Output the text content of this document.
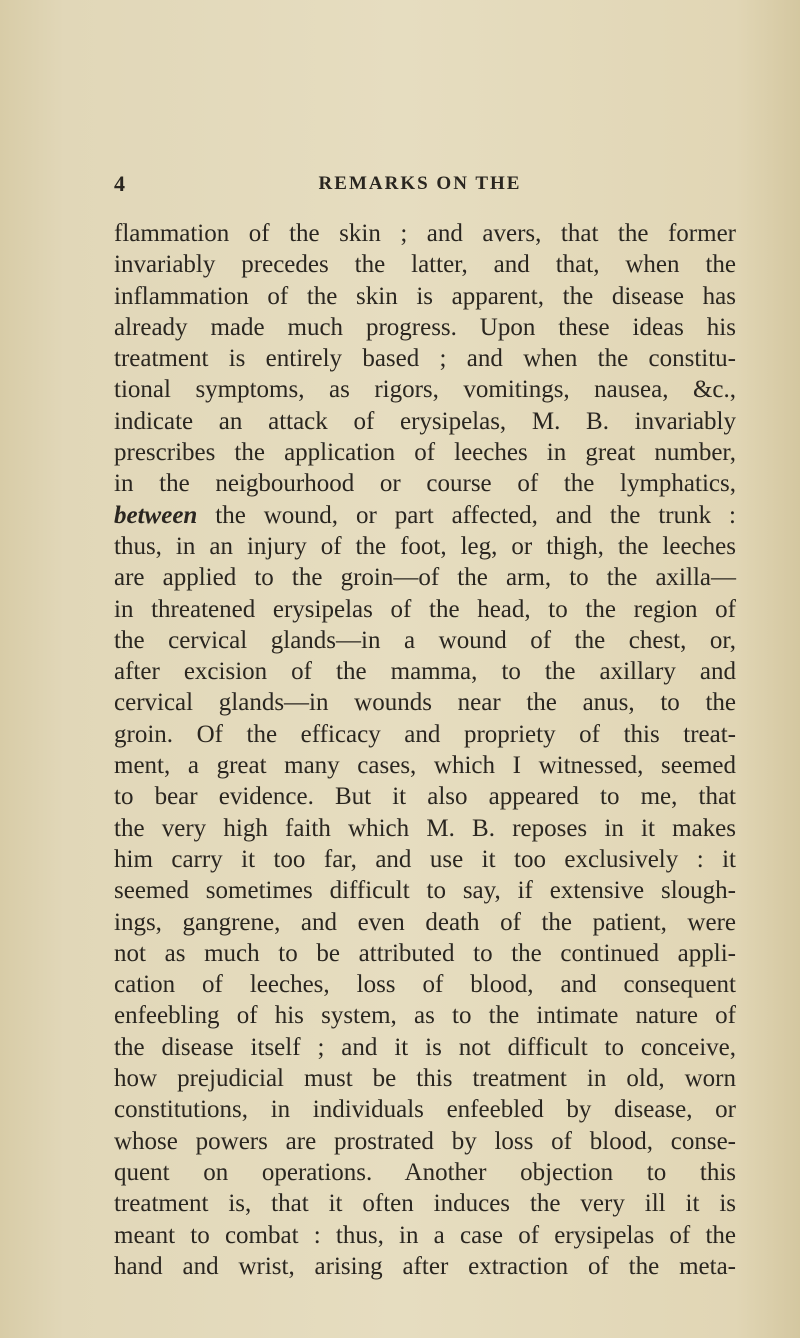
4	REMARKS ON THE

flammation of the skin ; and avers, that the former
invariably precedes the latter, and that, when the
inflammation of the skin is apparent, the disease has
already made much progress. Upon these ideas his
treatment is entirely based ; and when the constitu-
tional symptoms, as rigors, vomitings, nausea, &c.,
indicate an attack of erysipelas, M. B. invariably
prescribes the application of leeches in great number,
in the neigbourhood or course of the lymphatics,
between the wound, or part affected, and the trunk :
thus, in an injury of the foot, leg, or thigh, the leeches
are applied to the groin—of the arm, to the axilla—
in threatened erysipelas of the head, to the region of
the cervical glands—in a wound of the chest, or,
after excision of the mamma, to the axillary and
cervical glands—in wounds near the anus, to the
groin. Of the efficacy and propriety of this treat-
ment, a great many cases, which I witnessed, seemed
to bear evidence. But it also appeared to me, that
the very high faith which M. B. reposes in it makes
him carry it too far, and use it too exclusively : it
seemed sometimes difficult to say, if extensive slough-
ings, gangrene, and even death of the patient, were
not as much to be attributed to the continued appli-
cation of leeches, loss of blood, and consequent
enfeebling of his system, as to the intimate nature of
the disease itself ; and it is not difficult to conceive,
how prejudicial must be this treatment in old, worn
constitutions, in individuals enfeebled by disease, or
whose powers are prostrated by loss of blood, conse-
quent on operations. Another objection to this
treatment is, that it often induces the very ill it is
meant to combat : thus, in a case of erysipelas of the
hand and wrist, arising after extraction of the meta-
